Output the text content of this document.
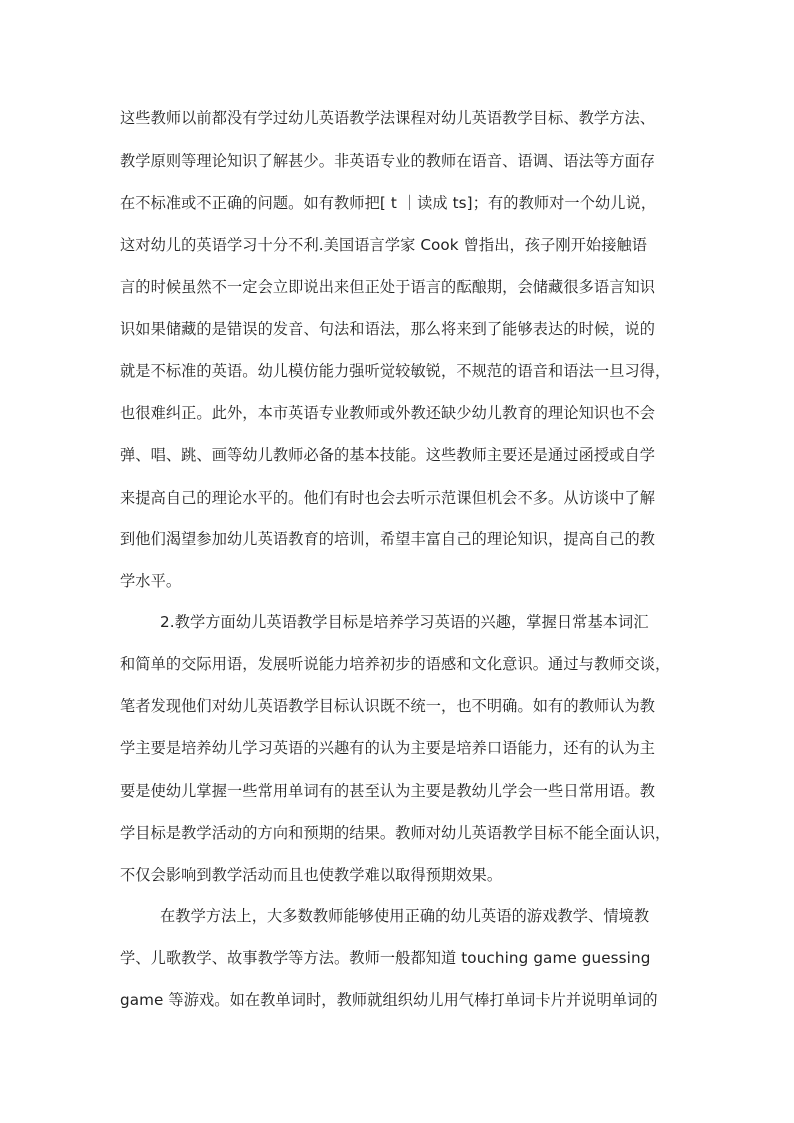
这些教师以前都没有学过幼儿英语教学法课程对幼儿英语教学目标、教学方法、
教学原则等理论知识了解甚少。非英语专业的教师在语音、语调、语法等方面存
在不标准或不正确的问题。如有教师把[ t ｜读成 ts]；有的教师对一个幼儿说，
这对幼儿的英语学习十分不利.美国语言学家 Cook 曾指出，孩子刚开始接触语
言的时候虽然不一定会立即说出来但正处于语言的酝酿期，会储藏很多语言知识
识如果储藏的是错误的发音、句法和语法，那么将来到了能够表达的时候，说的
就是不标准的英语。幼儿模仿能力强听觉较敏锐，不规范的语音和语法一旦习得，
也很难纠正。此外，本市英语专业教师或外教还缺少幼儿教育的理论知识也不会
弹、唱、跳、画等幼儿教师必备的基本技能。这些教师主要还是通过函授或自学
来提高自己的理论水平的。他们有时也会去听示范课但机会不多。从访谈中了解
到他们渴望参加幼儿英语教育的培训，希望丰富自己的理论知识，提高自己的教
学水平。
2.教学方面幼儿英语教学目标是培养学习英语的兴趣，掌握日常基本词汇
和简单的交际用语，发展听说能力培养初步的语感和文化意识。通过与教师交谈，
笔者发现他们对幼儿英语教学目标认识既不统一，也不明确。如有的教师认为教
学主要是培养幼儿学习英语的兴趣有的认为主要是培养口语能力，还有的认为主
要是使幼儿掌握一些常用单词有的甚至认为主要是教幼儿学会一些日常用语。教
学目标是教学活动的方向和预期的结果。教师对幼儿英语教学目标不能全面认识，
不仅会影响到教学活动而且也使教学难以取得预期效果。
在教学方法上，大多数教师能够使用正确的幼儿英语的游戏教学、情境教
学、儿歌教学、故事教学等方法。教师一般都知道 touching game guessing
game 等游戏。如在教单词时，教师就组织幼儿用气棒打单词卡片并说明单词的
